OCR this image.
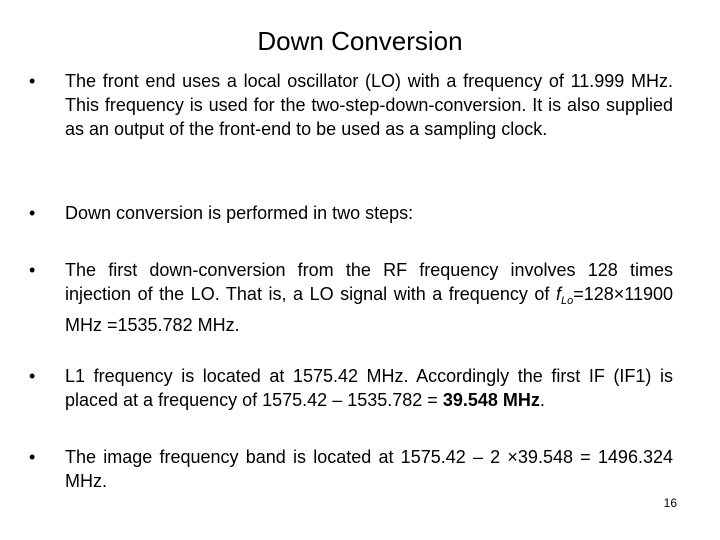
Down Conversion
• The front end uses a local oscillator (LO) with a frequency of 11.999 MHz. This frequency is used for the two-step-down-conversion. It is also supplied as an output of the front-end to be used as a sampling clock.
• Down conversion is performed in two steps:
• The first down-conversion from the RF frequency involves 128 times injection of the LO. That is, a LO signal with a frequency of $f_{Lo}=128\times 11900$ MHz =1535.782 MHz.
• L1 frequency is located at 1575.42 MHz. Accordingly the first IF (IF1) is placed at a frequency of 1575.42 – 1535.782 = 39.548 MHz.
• The image frequency band is located at 1575.42 – 2 ×39.548 = 1496.324 MHz.
16
